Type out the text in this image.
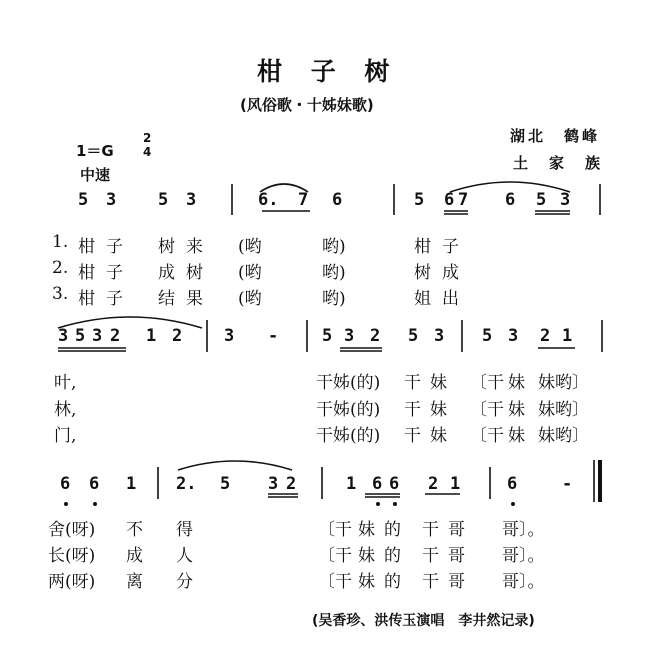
柑 子 树
(风俗歌・十姊妹歌)
1＝G
2
4
中速
湖北　鹤峰
土　家　族
5 3 5 3	6. 7 6	5 6 7 6 5 3
1. 柑 子 树 来 (哟	哟)	柑 子
2. 柑 子 成 树 (哟	哟)	树 成
3. 柑 子 结 果 (哟	哟)	姐 出
3 5 3 2 1 2 3 -	5 3 2 5 3 5 3 2 1
叶,	干姊(的) 干 妹 〔干 妹 妹哟〕
林,	干姊(的) 干 妹 〔干 妹 妹哟〕
门,	干姊(的) 干 妹 〔干 妹 妹哟〕
6 6 1 2. 5 3 2	1 6 6 2 1	6	-
舍(呀) 不 得	〔干 妹 的 干 哥 哥〕。
长(呀) 成 人	〔干 妹 的 干 哥 哥〕。
两(呀) 离 分	〔干 妹 的 干 哥 哥〕。
(吴香珍、洪传玉演唱　李井然记录)
